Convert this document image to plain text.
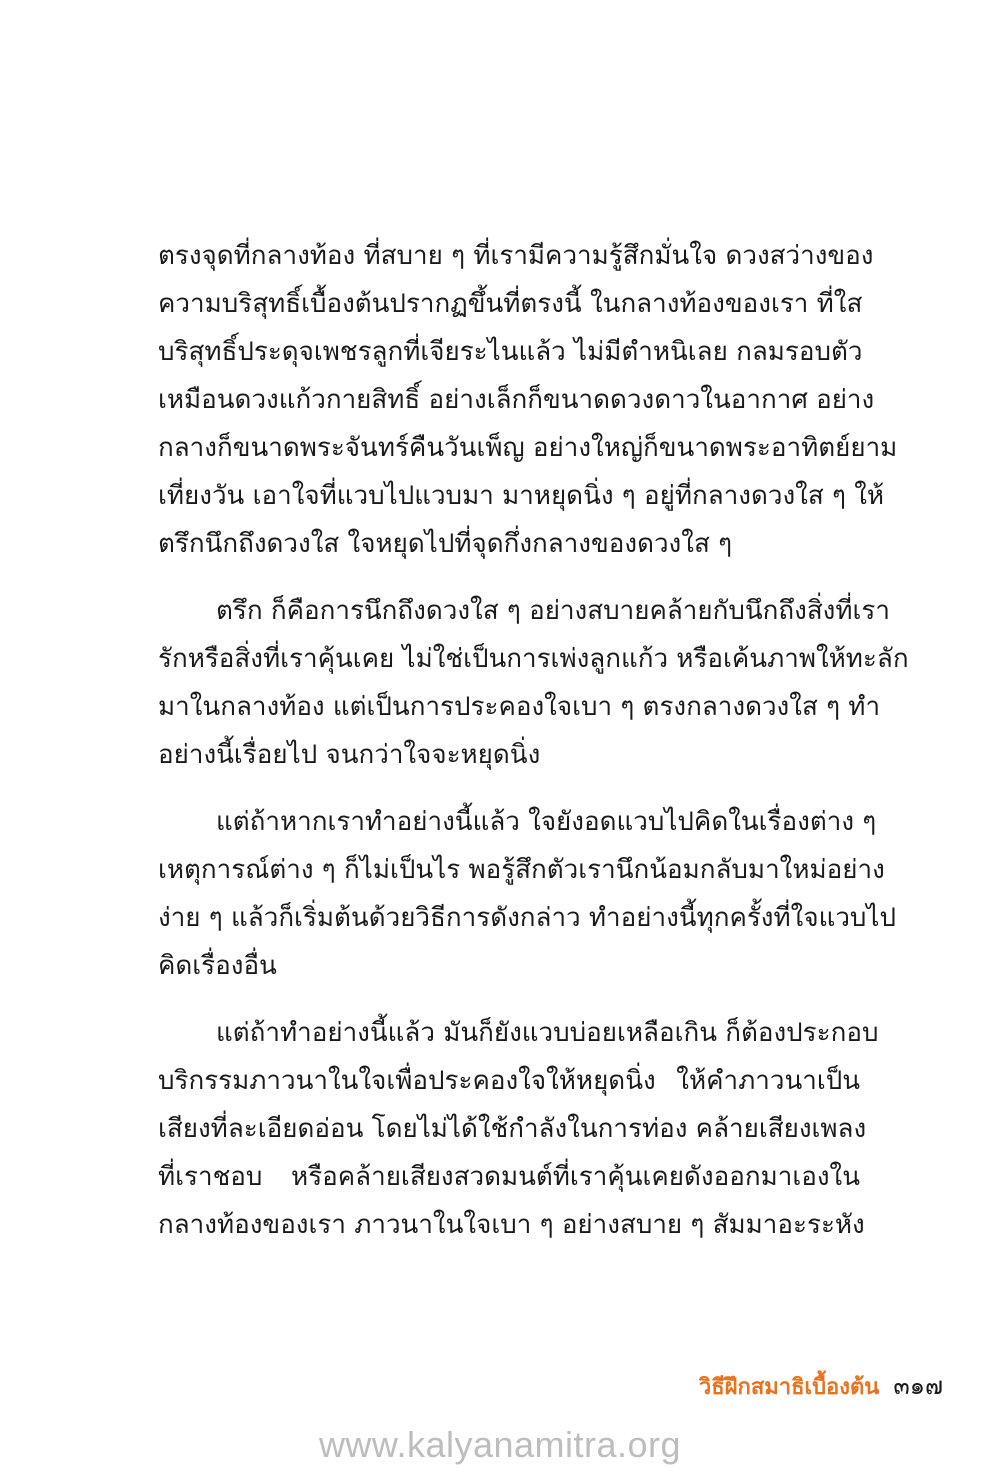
ตรงจุดที่กลางท้อง ที่สบาย ๆ ที่เรามีความรู้สึกมั่นใจ ดวงสว่างของ
ความบริสุทธิ์เบื้องต้นปรากฏขึ้นที่ตรงนี้ ในกลางท้องของเรา ที่ใส
บริสุทธิ์ประดุจเพชรลูกที่เจียระไนแล้ว ไม่มีตำหนิเลย กลมรอบตัว
เหมือนดวงแก้วกายสิทธิ์ อย่างเล็กก็ขนาดดวงดาวในอากาศ อย่าง
กลางก็ขนาดพระจันทร์คืนวันเพ็ญ อย่างใหญ่ก็ขนาดพระอาทิตย์ยาม
เที่ยงวัน เอาใจที่แวบไปแวบมา มาหยุดนิ่ง ๆ อยู่ที่กลางดวงใส ๆ ให้
ตรึกนึกถึงดวงใส ใจหยุดไปที่จุดกึ่งกลางของดวงใส ๆ
ตรึก ก็คือการนึกถึงดวงใส ๆ อย่างสบายคล้ายกับนึกถึงสิ่งที่เรา
รักหรือสิ่งที่เราคุ้นเคย ไม่ใช่เป็นการเพ่งลูกแก้ว หรือเค้นภาพให้ทะลัก
มาในกลางท้อง แต่เป็นการประคองใจเบา ๆ ตรงกลางดวงใส ๆ ทำ
อย่างนี้เรื่อยไป จนกว่าใจจะหยุดนิ่ง
แต่ถ้าหากเราทำอย่างนี้แล้ว ใจยังอดแวบไปคิดในเรื่องต่าง ๆ
เหตุการณ์ต่าง ๆ ก็ไม่เป็นไร พอรู้สึกตัวเรานึกน้อมกลับมาใหม่อย่าง
ง่าย ๆ แล้วก็เริ่มต้นด้วยวิธีการดังกล่าว ทำอย่างนี้ทุกครั้งที่ใจแวบไป
คิดเรื่องอื่น
แต่ถ้าทำอย่างนี้แล้ว มันก็ยังแวบบ่อยเหลือเกิน ก็ต้องประกอบ
บริกรรมภาวนาในใจเพื่อประคองใจให้หยุดนิ่ง ให้คำภาวนาเป็น
เสียงที่ละเอียดอ่อน โดยไม่ได้ใช้กำลังในการท่อง คล้ายเสียงเพลง
ที่เราชอบ หรือคล้ายเสียงสวดมนต์ที่เราคุ้นเคยดังออกมาเองใน
กลางท้องของเรา ภาวนาในใจเบา ๆ อย่างสบาย ๆ สัมมาอะระหัง
วิธีฝึกสมาธิเบื้องต้น ๓๑๗
www.kalyanamitra.org
